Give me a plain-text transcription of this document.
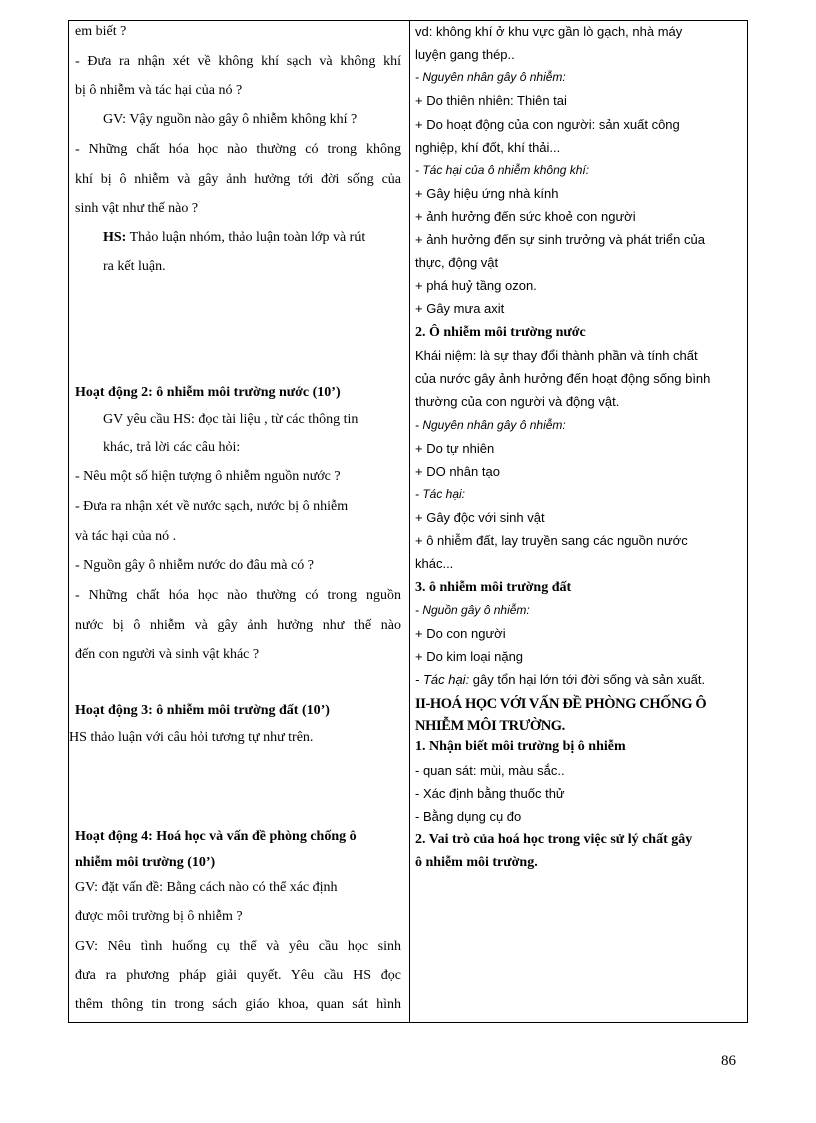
em biết ?
- Đưa ra nhận xét về không khí sạch và không khí
bị ô nhiễm và tác hại của nó ?
GV: Vậy nguồn nào gây ô nhiễm không khí ?
- Những chất hóa học nào thường có trong không
khí bị ô nhiễm và gây ảnh hưởng tới đời sống của
sinh vật như thế nào ?
HS: Thảo luận nhóm, thảo luận toàn lớp và rút
ra kết luận.
Hoạt động 2: ô nhiễm môi trường nước (10’)
GV yêu cầu HS: đọc tài liệu , từ các thông tin
khác, trả lời các câu hỏi:
- Nêu một số hiện tượng ô nhiễm nguồn nước ?
- Đưa ra nhận xét về nước sạch, nước bị ô nhiễm
và tác hại của nó .
- Nguồn gây ô nhiễm nước do đâu mà có ?
- Những chất hóa học nào thường có trong nguồn
nước bị ô nhiễm và gây ảnh hưởng như thế nào
đến con người và sinh vật khác ?
Hoạt động 3: ô nhiễm môi trường đất (10’)
HS thảo luận với câu hỏi tương tự như trên.
Hoạt động 4: Hoá học và vấn đề phòng chống ô
nhiễm môi trường (10’)
GV: đặt vấn đề: Bằng cách nào có thể xác định
được môi trường bị ô nhiễm ?
GV: Nêu tình huống cụ thể và yêu cầu học sinh
đưa ra phương pháp giải quyết. Yêu cầu HS đọc
thêm thông tin trong sách giáo khoa, quan sát hình
vd: không khí ở khu vực gần lò gạch, nhà máy
luyện gang thép..
- Nguyên nhân gây ô nhiễm:
+ Do thiên nhiên: Thiên tai
+ Do hoạt động của con người: sản xuất công
nghiệp, khí đốt, khí thải...
- Tác hại của ô nhiễm không khí:
+ Gây hiệu ứng nhà kính
+ ảnh hưởng đến sức khoẻ con người
+ ảnh hưởng đến sự sinh trưởng và phát triển của
thực, động vật
+ phá huỷ tầng ozon.
+ Gây mưa axit
2. Ô nhiễm môi trường nước
Khái niệm: là sự thay đổi thành phần và tính chất
của nước gây ảnh hưởng đến hoạt động sống bình
thường của con người và động vật.
- Nguyên nhân gây ô nhiễm:
+ Do tự nhiên
+ DO nhân tạo
- Tác hại:
+ Gây độc với sinh vật
+ ô nhiễm đất, lay truyền sang các nguồn nước
khác...
3. ô nhiễm môi trường đất
- Nguồn gây ô nhiễm:
+ Do con người
+ Do kim loại nặng
- Tác hại: gây tổn hại lớn tới đời sống và sản xuất.
II-HOÁ HỌC VỚI VẤN ĐỀ PHÒNG CHỐNG Ô
NHIỄM MÔI TRƯỜNG.
1. Nhận biết môi trường bị ô nhiễm
- quan sát: mùi, màu sắc..
- Xác định bằng thuốc thử
- Bằng dụng cụ đo
2. Vai trò của hoá học trong việc sử lý chất gây
ô nhiễm môi trường.
86
